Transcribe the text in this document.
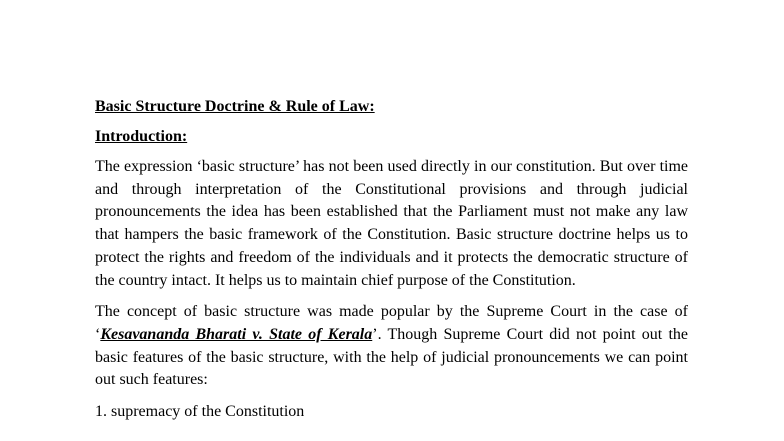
Basic Structure Doctrine & Rule of Law:

Introduction:

The expression ‘basic structure’ has not been used directly in our constitution. But over time and through interpretation of the Constitutional provisions and through judicial pronouncements the idea has been established that the Parliament must not make any law that hampers the basic framework of the Constitution. Basic structure doctrine helps us to protect the rights and freedom of the individuals and it protects the democratic structure of the country intact. It helps us to maintain chief purpose of the Constitution.

The concept of basic structure was made popular by the Supreme Court in the case of ‘Kesavananda Bharati v. State of Kerala’. Though Supreme Court did not point out the basic features of the basic structure, with the help of judicial pronouncements we can point out such features:

1. supremacy of the Constitution
